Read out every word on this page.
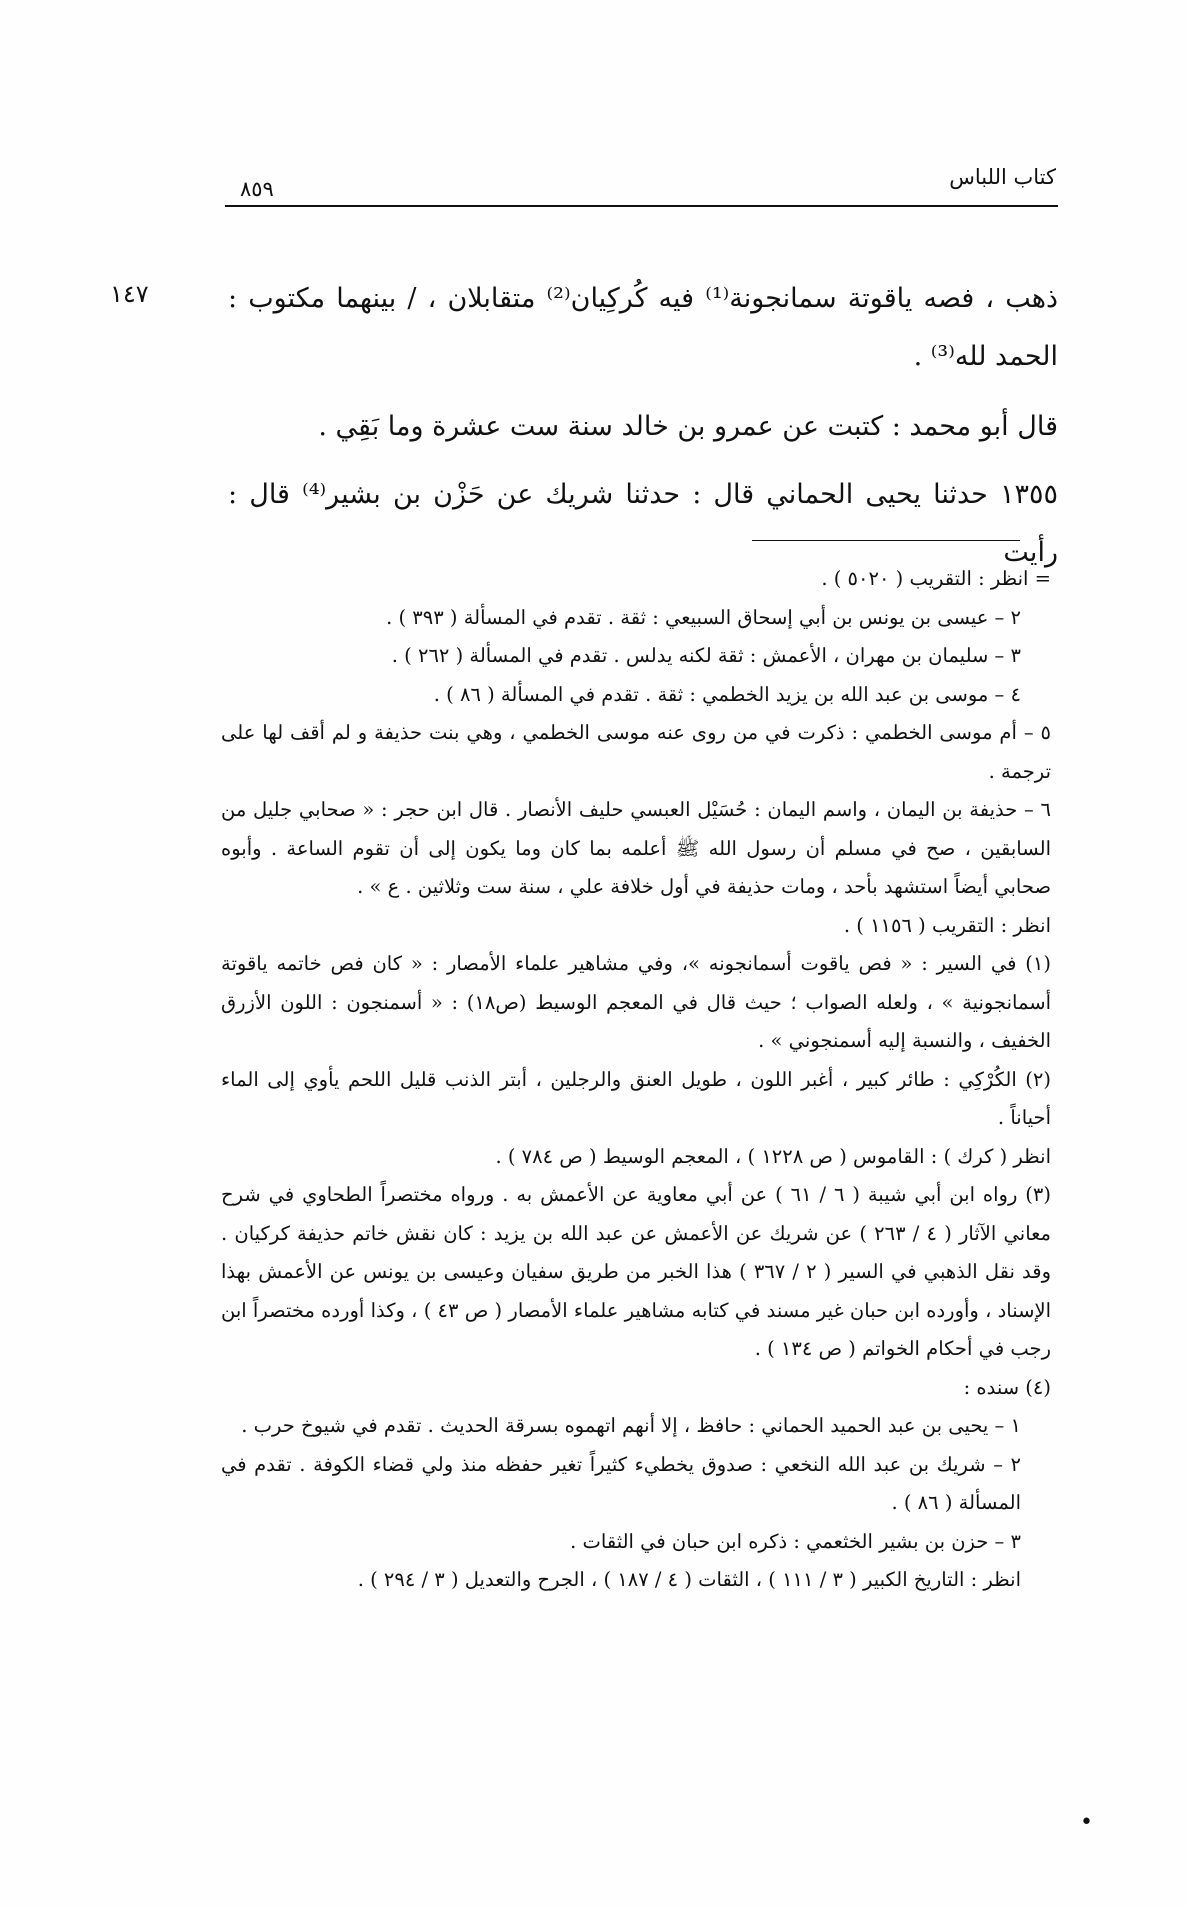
كتاب اللباس
٨٥٩
١٤٧	ذهب ، فصه ياقوتة سمانجونة⁽¹⁾ فيه كُركِيان⁽²⁾ متقابلان ، / بينهما مكتوب : الحمد لله⁽³⁾ .
قال أبو محمد : كتبت عن عمرو بن خالد سنة ست عشرة وما بَقِي .
١٣٥٥ حدثنا يحيى الحماني قال : حدثنا شريك عن حَزْن بن بشير⁽⁴⁾ قال : رأيت

= انظر : التقريب ( ٥٠٢٠ ) .

٢ – عيسى بن يونس بن أبي إسحاق السبيعي : ثقة . تقدم في المسألة ( ٣٩٣ ) .

٣ – سليمان بن مهران ، الأعمش : ثقة لكنه يدلس . تقدم في المسألة ( ٢٦٢ ) .

٤ – موسى بن عبد الله بن يزيد الخطمي : ثقة . تقدم في المسألة ( ٨٦ ) .

٥ – أم موسى الخطمي : ذكرت في من روى عنه موسى الخطمي ، وهي بنت حذيفة و لم أقف لها على ترجمة .

٦ – حذيفة بن اليمان ، واسم اليمان : حُسَيْل العبسي حليف الأنصار . قال ابن حجر : « صحابي جليل من السابقين ، صح في مسلم أن رسول الله ﷺ أعلمه بما كان وما يكون إلى أن تقوم الساعة . وأبوه صحابي أيضاً استشهد بأحد ، ومات حذيفة في أول خلافة علي ، سنة ست وثلاثين . ع » .

انظر : التقريب ( ١١٥٦ ) .

(١) في السير : « فص ياقوت أسمانجونه »، وفي مشاهير علماء الأمصار : « كان فص خاتمه ياقوتة أسمانجونية » ، ولعله الصواب ؛ حيث قال في المعجم الوسيط (ص١٨) : « أسمنجون : اللون الأزرق الخفيف ، والنسبة إليه أسمنجوني » .

(٢) الكُرْكِي : طائر كبير ، أغبر اللون ، طويل العنق والرجلين ، أبتر الذنب قليل اللحم يأوي إلى الماء أحياناً .

انظر ( كرك ) : القاموس ( ص ١٢٢٨ ) ، المعجم الوسيط ( ص ٧٨٤ ) .

(٣) رواه ابن أبي شيبة ( ٦ / ٦١ ) عن أبي معاوية عن الأعمش به . ورواه مختصراً الطحاوي في شرح معاني الآثار ( ٤ / ٢٦٣ ) عن شريك عن الأعمش عن عبد الله بن يزيد : كان نقش خاتم حذيفة كركيان . وقد نقل الذهبي في السير ( ٢ / ٣٦٧ ) هذا الخبر من طريق سفيان وعيسى بن يونس عن الأعمش بهذا الإسناد ، وأورده ابن حبان غير مسند في كتابه مشاهير علماء الأمصار ( ص ٤٣ ) ، وكذا أورده مختصراً ابن رجب في أحكام الخواتم ( ص ١٣٤ ) .

(٤) سنده :

١ – يحيى بن عبد الحميد الحماني : حافظ ، إلا أنهم اتهموه بسرقة الحديث . تقدم في شيوخ حرب .

٢ – شريك بن عبد الله النخعي : صدوق يخطيء كثيراً تغير حفظه منذ ولي قضاء الكوفة . تقدم في المسألة ( ٨٦ ) .

٣ – حزن بن بشير الخثعمي : ذكره ابن حبان في الثقات .

انظر : التاريخ الكبير ( ٣ / ١١١ ) ، الثقات ( ٤ / ١٨٧ ) ، الجرح والتعديل ( ٣ / ٢٩٤ ) .

•
